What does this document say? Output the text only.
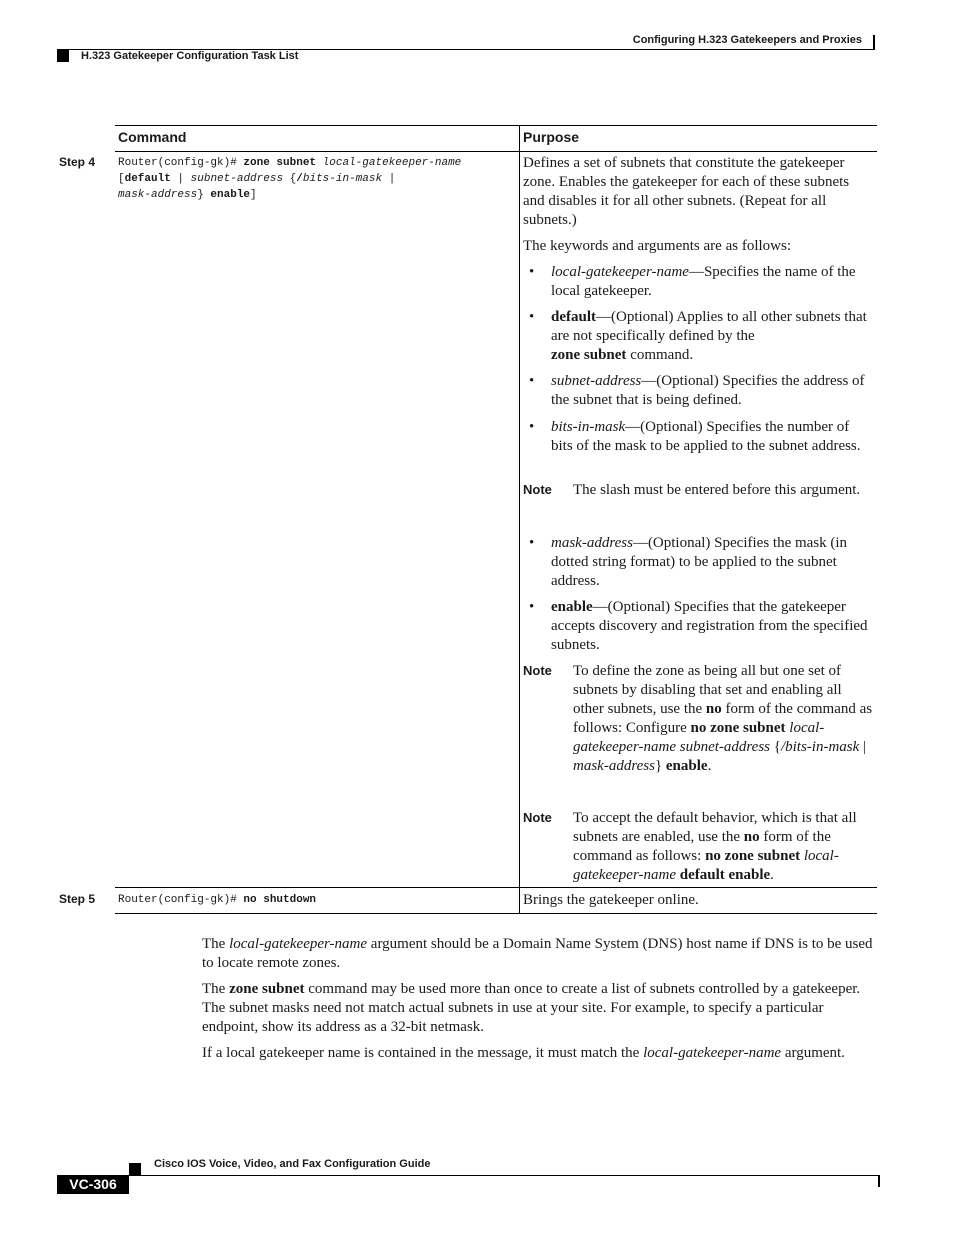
Configuring H.323 Gatekeepers and Proxies
H.323 Gatekeeper Configuration Task List
Command	Purpose
Step 4 Router(config-gk)# zone subnet local-gatekeeper-name
[default | subnet-address {/bits-in-mask |
mask-address} enable]

Defines a set of subnets that constitute the gatekeeper zone. Enables the gatekeeper for each of these subnets and disables it for all other subnets. (Repeat for all subnets.)

The keywords and arguments are as follows:
• local-gatekeeper-name—Specifies the name of the local gatekeeper.
• default—(Optional) Applies to all other subnets that are not specifically defined by the
zone subnet command.
• subnet-address—(Optional) Specifies the address of the subnet that is being defined.
• bits-in-mask—(Optional) Specifies the number of bits of the mask to be applied to the subnet address.
Note The slash must be entered before this argument.
• mask-address—(Optional) Specifies the mask (in dotted string format) to be applied to the subnet address.
• enable—(Optional) Specifies that the gatekeeper accepts discovery and registration from the specified subnets.
Note To define the zone as being all but one set of subnets by disabling that set and enabling all other subnets, use the no form of the command as follows: Configure no zone subnet local-gatekeeper-name subnet-address {/bits-in-mask | mask-address} enable.
Note To accept the default behavior, which is that all subnets are enabled, use the no form of the command as follows: no zone subnet local-gatekeeper-name default enable.
Step 5 Router(config-gk)# no shutdown	Brings the gatekeeper online.

The local-gatekeeper-name argument should be a Domain Name System (DNS) host name if DNS is to be used to locate remote zones.

The zone subnet command may be used more than once to create a list of subnets controlled by a gatekeeper. The subnet masks need not match actual subnets in use at your site. For example, to specify a particular endpoint, show its address as a 32-bit netmask.

If a local gatekeeper name is contained in the message, it must match the local-gatekeeper-name argument.

Cisco IOS Voice, Video, and Fax Configuration Guide
VC-306
